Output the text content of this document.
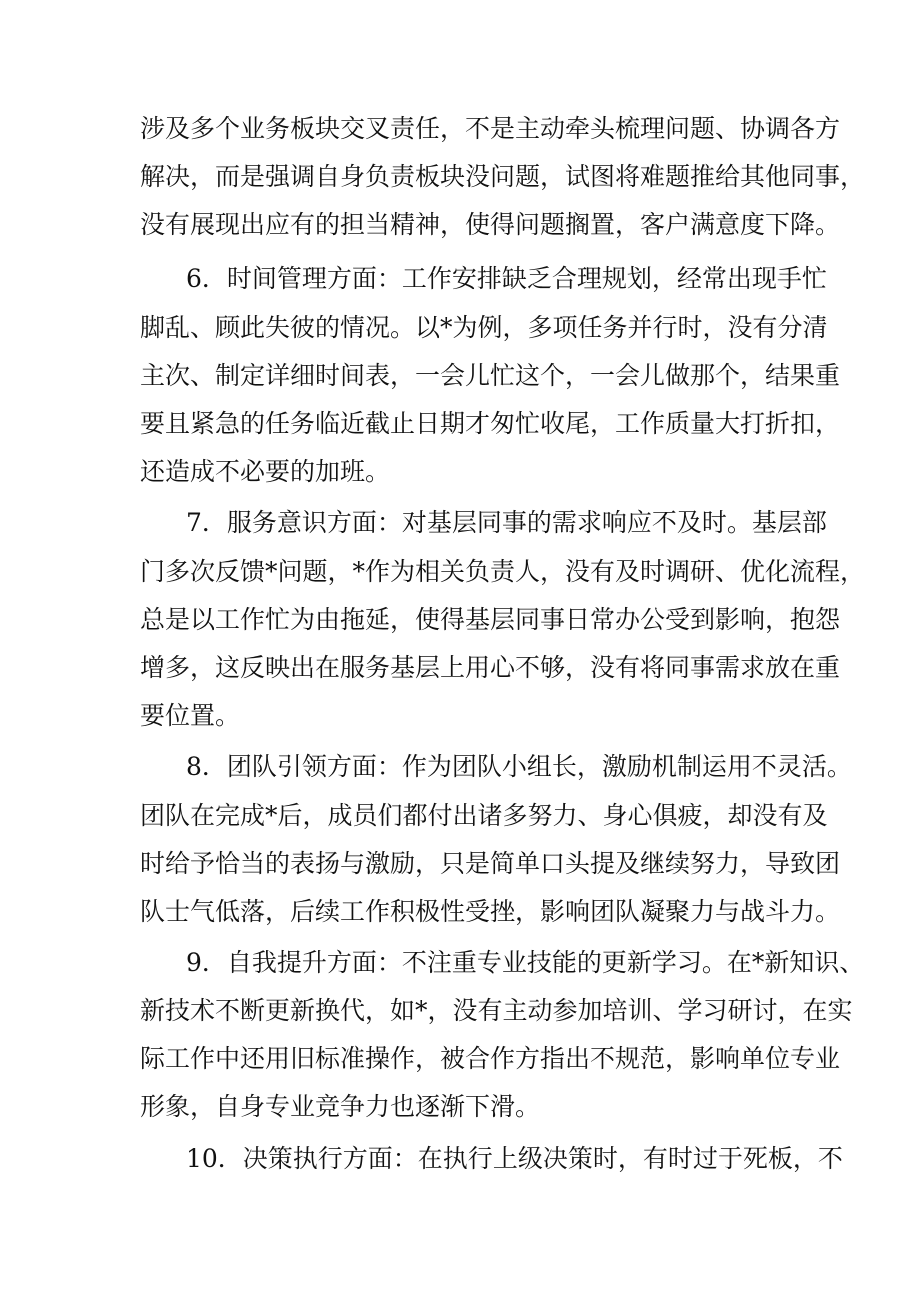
涉及多个业务板块交叉责任，不是主动牵头梳理问题、协调各方
解决，而是强调自身负责板块没问题，试图将难题推给其他同事，
没有展现出应有的担当精神，使得问题搁置，客户满意度下降。
6．时间管理方面：工作安排缺乏合理规划，经常出现手忙
脚乱、顾此失彼的情况。以*为例，多项任务并行时，没有分清
主次、制定详细时间表，一会儿忙这个，一会儿做那个，结果重
要且紧急的任务临近截止日期才匆忙收尾，工作质量大打折扣，
还造成不必要的加班。
7．服务意识方面：对基层同事的需求响应不及时。基层部
门多次反馈*问题，*作为相关负责人，没有及时调研、优化流程，
总是以工作忙为由拖延，使得基层同事日常办公受到影响，抱怨
增多，这反映出在服务基层上用心不够，没有将同事需求放在重
要位置。
8．团队引领方面：作为团队小组长，激励机制运用不灵活。
团队在完成*后，成员们都付出诸多努力、身心俱疲，却没有及
时给予恰当的表扬与激励，只是简单口头提及继续努力，导致团
队士气低落，后续工作积极性受挫，影响团队凝聚力与战斗力。
9．自我提升方面：不注重专业技能的更新学习。在*新知识、
新技术不断更新换代，如*，没有主动参加培训、学习研讨，在实
际工作中还用旧标准操作，被合作方指出不规范，影响单位专业
形象，自身专业竞争力也逐渐下滑。
10．决策执行方面：在执行上级决策时，有时过于死板，不
